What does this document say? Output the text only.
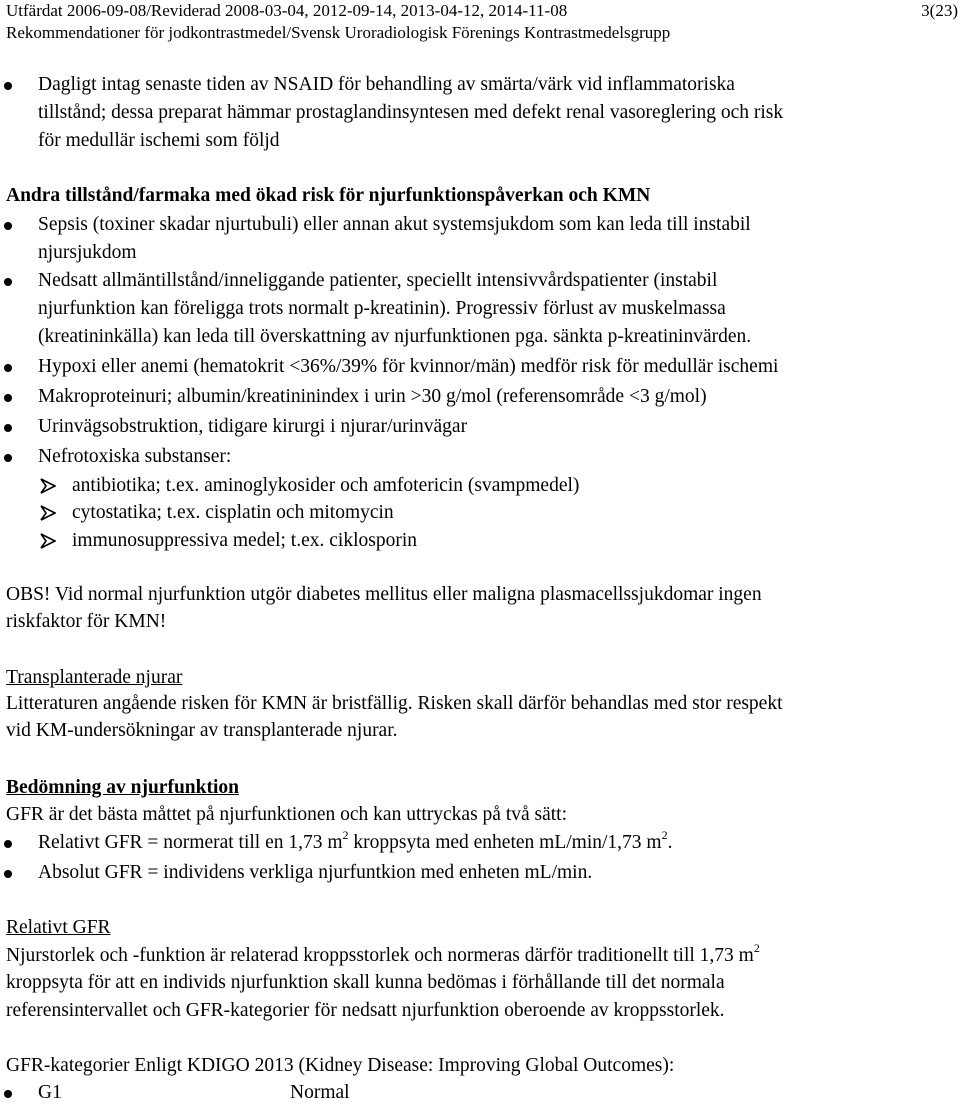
Utfärdat 2006-09-08/Reviderad 2008-03-04, 2012-09-14, 2013-04-12, 2014-11-08	3(23)
Rekommendationer för jodkontrastmedel/Svensk Uroradiologisk Förenings Kontrastmedelsgrupp
Dagligt intag senaste tiden av NSAID för behandling av smärta/värk vid inflammatoriska
tillstånd; dessa preparat hämmar prostaglandinsyntesen med defekt renal vasoreglering och risk
för medullär ischemi som följd
Andra tillstånd/farmaka med ökad risk för njurfunktionspåverkan och KMN
Sepsis (toxiner skadar njurtubuli) eller annan akut systemsjukdom som kan leda till instabil
njursjukdom
Nedsatt allmäntillstånd/inneliggande patienter, speciellt intensivvårdspatienter (instabil
njurfunktion kan föreligga trots normalt p-kreatinin). Progressiv förlust av muskelmassa
(kreatininkälla) kan leda till överskattning av njurfunktionen pga. sänkta p-kreatininvärden.
Hypoxi eller anemi (hematokrit <36%/39% för kvinnor/män) medför risk för medullär ischemi
Makroproteinuri; albumin/kreatininindex i urin >30 g/mol (referensområde <3 g/mol)
Urinvägsobstruktion, tidigare kirurgi i njurar/urinvägar
Nefrotoxiska substanser:
antibiotika; t.ex. aminoglykosider och amfotericin (svampmedel)
cytostatika; t.ex. cisplatin och mitomycin
immunosuppressiva medel; t.ex. ciklosporin
OBS! Vid normal njurfunktion utgör diabetes mellitus eller maligna plasmacellssjukdomar ingen
riskfaktor för KMN!
Transplanterade njurar
Litteraturen angående risken för KMN är bristfällig. Risken skall därför behandlas med stor respekt
vid KM-undersökningar av transplanterade njurar.
Bedömning av njurfunktion
GFR är det bästa måttet på njurfunktionen och kan uttryckas på två sätt:
Relativt GFR = normerat till en 1,73 $m^2$ kroppsyta med enheten mL/min/1,73 $m^2$.
Absolut GFR = individens verkliga njurfuntkion med enheten mL/min.
Relativt GFR
Njurstorlek och -funktion är relaterad kroppsstorlek och normeras därför traditionellt till 1,73 $m^2$
kroppsyta för att en individs njurfunktion skall kunna bedömas i förhållande till det normala
referensintervallet och GFR-kategorier för nedsatt njurfunktion oberoende av kroppsstorlek.
GFR-kategorier Enligt KDIGO 2013 (Kidney Disease: Improving Global Outcomes):
G1	Normal
